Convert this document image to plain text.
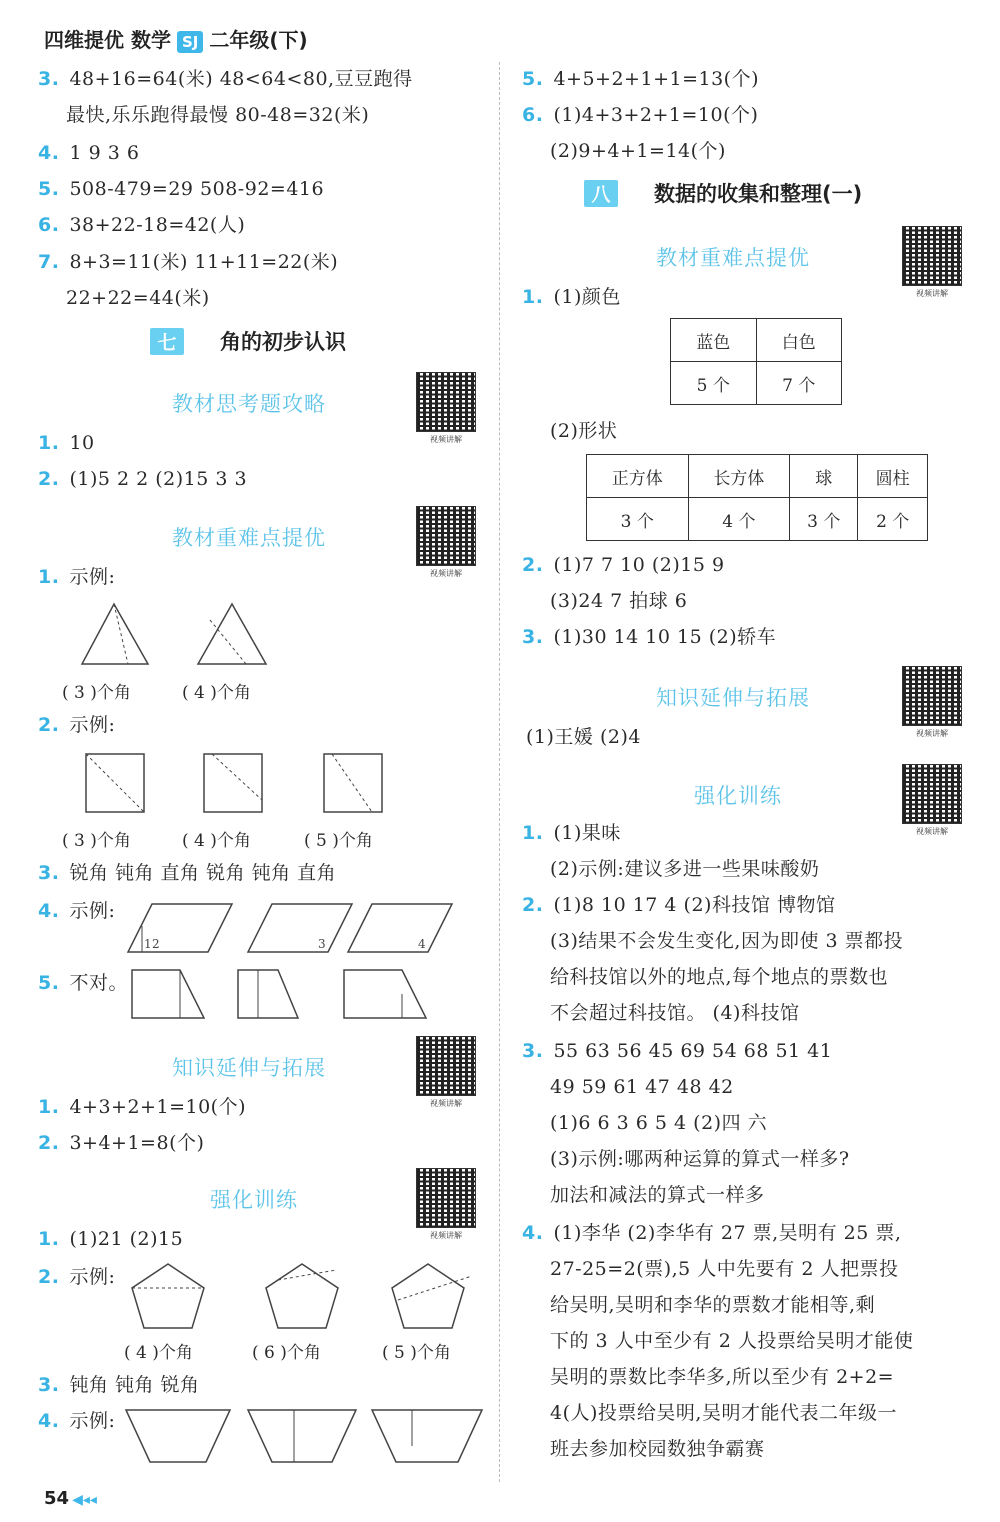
四维提优 数学 SJ 二年级(下)
3. 48+16=64(米) 48<64<80,豆豆跑得
最快,乐乐跑得最慢 80-48=32(米)
4. 1 9 3 6
5. 508-479=29 508-92=416
6. 38+22-18=42(人)
7. 8+3=11(米) 11+11=22(米)
22+22=44(米)
七 角的初步认识
教材思考题攻略
视频讲解
1. 10
2. (1)5 2 2 (2)15 3 3
教材重难点提优
视频讲解
1. 示例:
( 3 )个角	( 4 )个角
2. 示例:
( 3 )个角	( 4 )个角	( 5 )个角
3. 锐角 钝角 直角 锐角 钝角 直角
4. 示例:
1 2	3	4
5. 不对。
知识延伸与拓展
视频讲解
1. 4+3+2+1=10(个)
2. 3+4+1=8(个)
强化训练
视频讲解
1. (1)21 (2)15
2. 示例:
( 4 )个角	( 6 )个角	( 5 )个角
3. 钝角 钝角 锐角
4. 示例:
5. 4+5+2+1+1=13(个)
6. (1)4+3+2+1=10(个)
(2)9+4+1=14(个)
八 数据的收集和整理(一)
教材重难点提优
视频讲解
1. (1)颜色
蓝色	白色
5 个	7 个
(2)形状
正方体	长方体	球	圆柱
3 个	4 个	3 个	2 个
2. (1)7 7 10 (2)15 9
(3)24 7 拍球 6
3. (1)30 14 10 15 (2)轿车
知识延伸与拓展
视频讲解
(1)王媛 (2)4
强化训练
视频讲解
1. (1)果味
(2)示例:建议多进一些果味酸奶
2. (1)8 10 17 4 (2)科技馆 博物馆
(3)结果不会发生变化,因为即使 3 票都投
给科技馆以外的地点,每个地点的票数也
不会超过科技馆。 (4)科技馆
3. 55 63 56 45 69 54 68 51 41
49 59 61 47 48 42
(1)6 6 3 6 5 4 (2)四 六
(3)示例:哪两种运算的算式一样多?
加法和减法的算式一样多
4. (1)李华 (2)李华有 27 票,吴明有 25 票,
27-25=2(票),5 人中先要有 2 人把票投
给吴明,吴明和李华的票数才能相等,剩
下的 3 人中至少有 2 人投票给吴明才能使
吴明的票数比李华多,所以至少有 2+2=
4(人)投票给吴明,吴明才能代表二年级一
班去参加校园数独争霸赛
54 ◀◂◂
